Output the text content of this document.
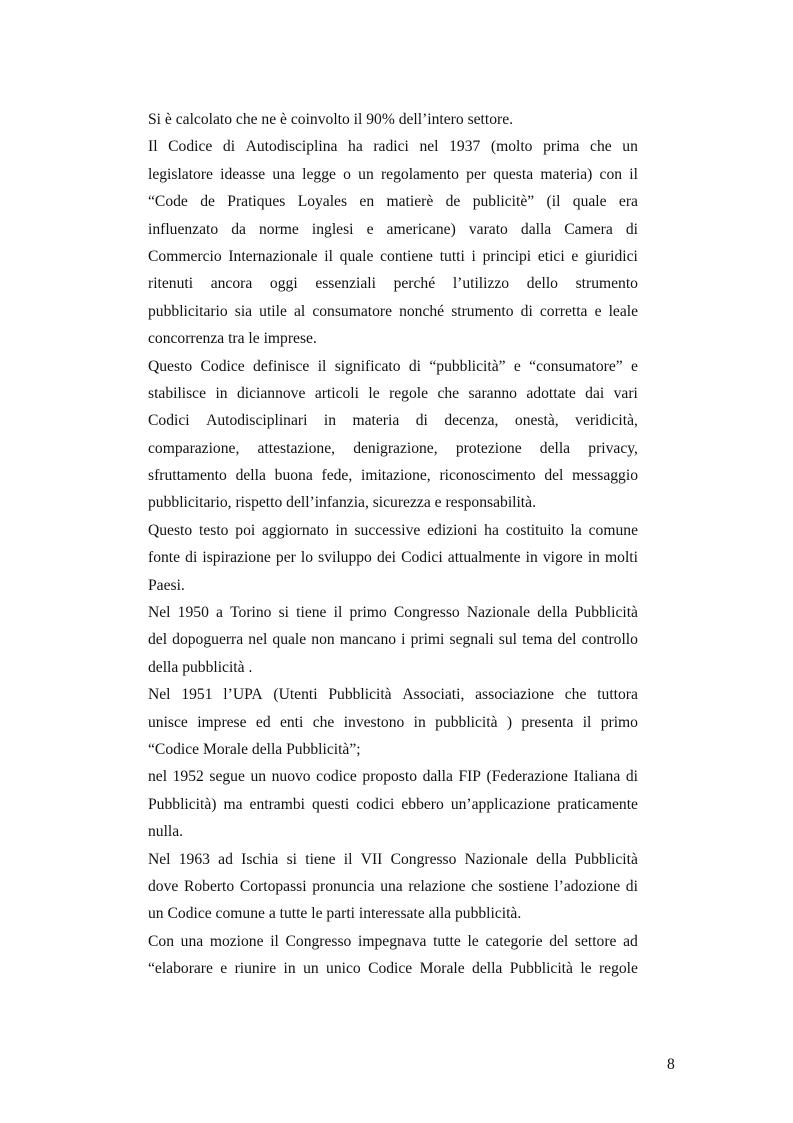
Si è calcolato che ne è coinvolto il 90% dell’intero settore.
Il Codice di Autodisciplina ha radici nel 1937 (molto prima che un
legislatore ideasse una legge o un regolamento per questa materia) con il
“Code de Pratiques Loyales en matierè de publicitè” (il quale era
influenzato da norme inglesi e americane) varato dalla Camera di
Commercio Internazionale il quale contiene tutti i principi etici e giuridici
ritenuti ancora oggi essenziali perché l’utilizzo dello strumento
pubblicitario sia utile al consumatore nonché strumento di corretta e leale
concorrenza tra le imprese.
Questo Codice definisce il significato di “pubblicità” e “consumatore” e
stabilisce in diciannove articoli le regole che saranno adottate dai vari
Codici Autodisciplinari in materia di decenza, onestà, veridicità,
comparazione, attestazione, denigrazione, protezione della privacy,
sfruttamento della buona fede, imitazione, riconoscimento del messaggio
pubblicitario, rispetto dell’infanzia, sicurezza e responsabilità.
Questo testo poi aggiornato in successive edizioni ha costituito la comune
fonte di ispirazione per lo sviluppo dei Codici attualmente in vigore in molti
Paesi.
Nel 1950 a Torino si tiene il primo Congresso Nazionale della Pubblicità
del dopoguerra nel quale non mancano i primi segnali sul tema del controllo
della pubblicità .
Nel 1951 l’UPA (Utenti Pubblicità Associati, associazione che tuttora
unisce imprese ed enti che investono in pubblicità ) presenta il primo
“Codice Morale della Pubblicità”;
nel 1952 segue un nuovo codice proposto dalla FIP (Federazione Italiana di
Pubblicità) ma entrambi questi codici ebbero un’applicazione praticamente
nulla.
Nel 1963 ad Ischia si tiene il VII Congresso Nazionale della Pubblicità
dove Roberto Cortopassi pronuncia una relazione che sostiene l’adozione di
un Codice comune a tutte le parti interessate alla pubblicità.
Con una mozione il Congresso impegnava tutte le categorie del settore ad
“elaborare e riunire in un unico Codice Morale della Pubblicità le regole
8
